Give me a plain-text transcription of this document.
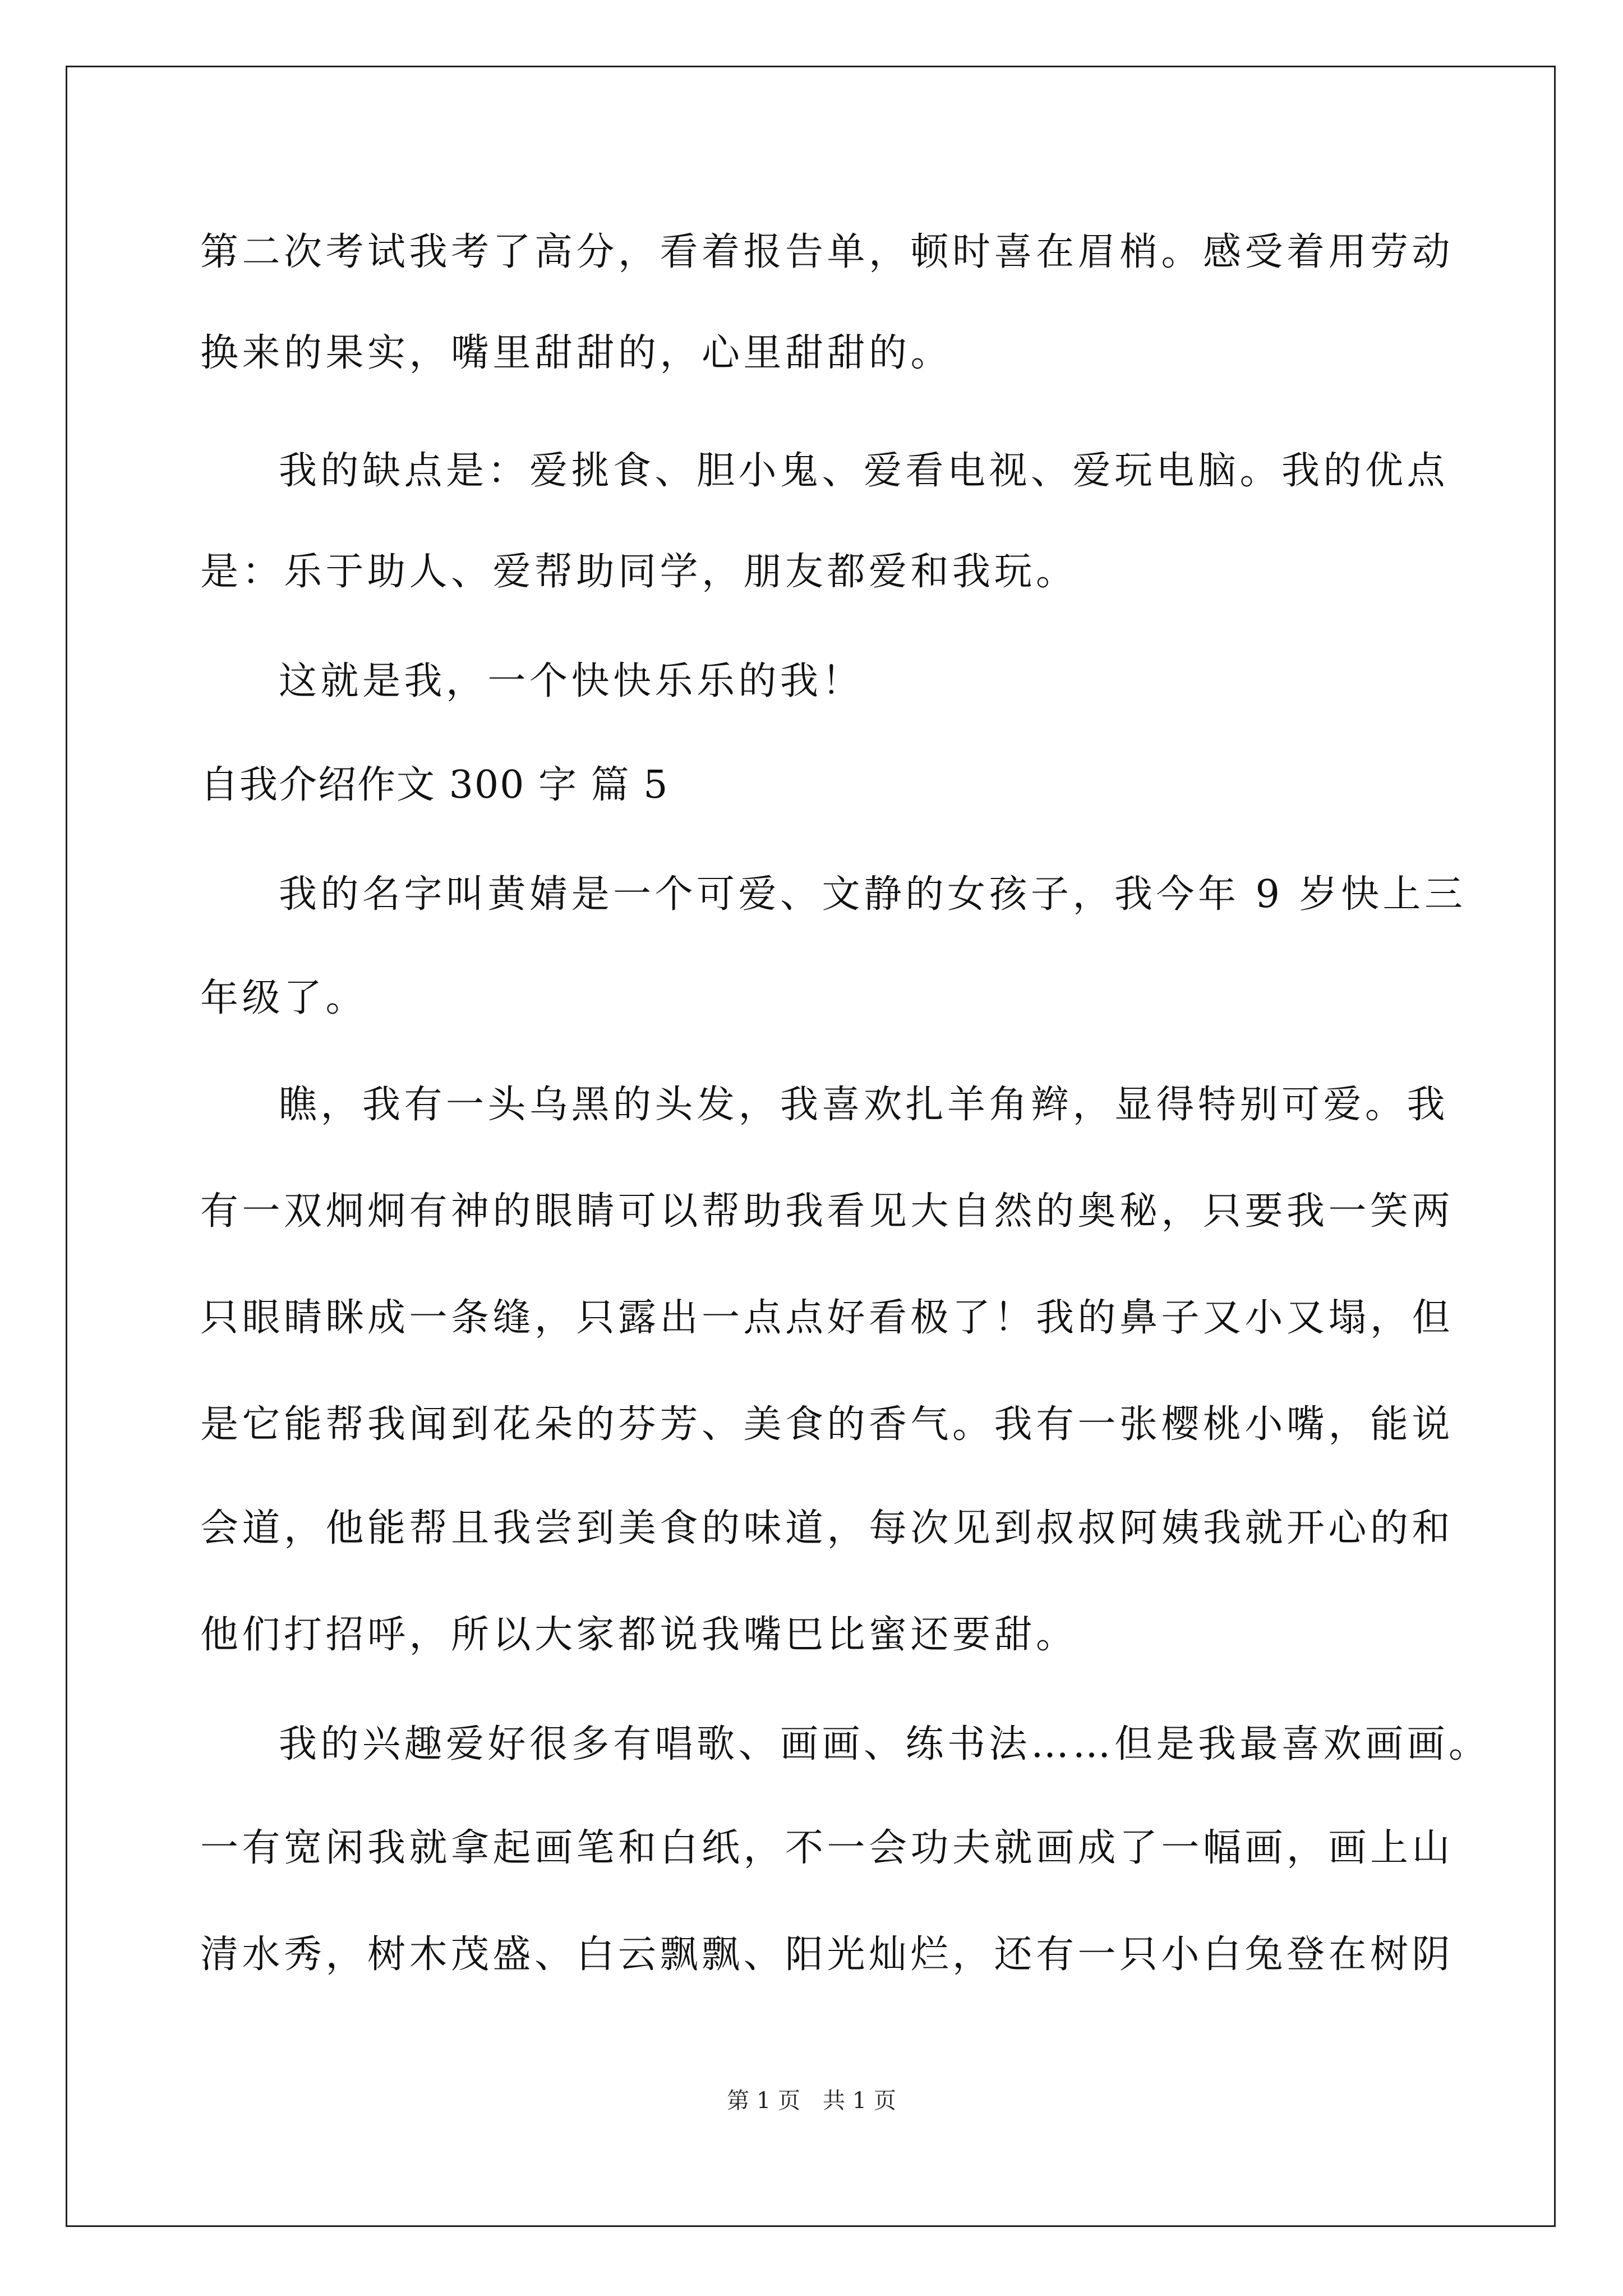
第二次考试我考了高分，看着报告单，顿时喜在眉梢。感受着用劳动
换来的果实，嘴里甜甜的，心里甜甜的。
我的缺点是：爱挑食、胆小鬼、爱看电视、爱玩电脑。我的优点
是：乐于助人、爱帮助同学，朋友都爱和我玩。
这就是我，一个快快乐乐的我！
自我介绍作文 300 字 篇 5
我的名字叫黄婧是一个可爱、文静的女孩子，我今年 9 岁快上三
年级了。
瞧，我有一头乌黑的头发，我喜欢扎羊角辫，显得特别可爱。我
有一双炯炯有神的眼睛可以帮助我看见大自然的奥秘，只要我一笑两
只眼睛眯成一条缝，只露出一点点好看极了！我的鼻子又小又塌，但
是它能帮我闻到花朵的芬芳、美食的香气。我有一张樱桃小嘴，能说
会道，他能帮且我尝到美食的味道，每次见到叔叔阿姨我就开心的和
他们打招呼，所以大家都说我嘴巴比蜜还要甜。
我的兴趣爱好很多有唱歌、画画、练书法……但是我最喜欢画画。
一有宽闲我就拿起画笔和白纸，不一会功夫就画成了一幅画，画上山
清水秀，树木茂盛、白云飘飘、阳光灿烂，还有一只小白兔登在树阴
第 1 页 共 1 页
